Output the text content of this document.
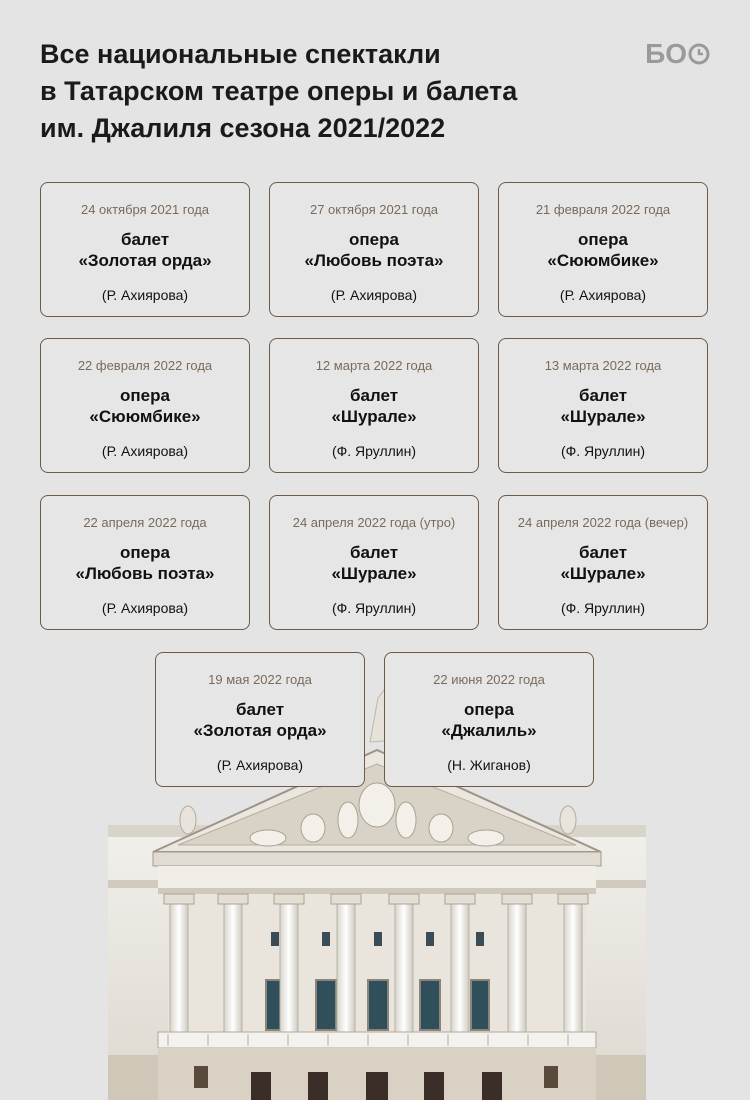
Все национальные спектакли
в Татарском театре оперы и балета
им. Джалиля сезона 2021/2022
БО
24 октября 2021 года
балет
«Золотая орда»
(Р. Ахиярова)
27 октября 2021 года
опера
«Любовь поэта»
(Р. Ахиярова)
21 февраля 2022 года
опера
«Сююмбике»
(Р. Ахиярова)
22 февраля 2022 года
опера
«Сююмбике»
(Р. Ахиярова)
12 марта 2022 года
балет
«Шурале»
(Ф. Яруллин)
13 марта 2022 года
балет
«Шурале»
(Ф. Яруллин)
22 апреля 2022 года
опера
«Любовь поэта»
(Р. Ахиярова)
24 апреля 2022 года (утро)
балет
«Шурале»
(Ф. Яруллин)
24 апреля 2022 года (вечер)
балет
«Шурале»
(Ф. Яруллин)
19 мая 2022 года
балет
«Золотая орда»
(Р. Ахиярова)
22 июня 2022 года
опера
«Джалиль»
(Н. Жиганов)
